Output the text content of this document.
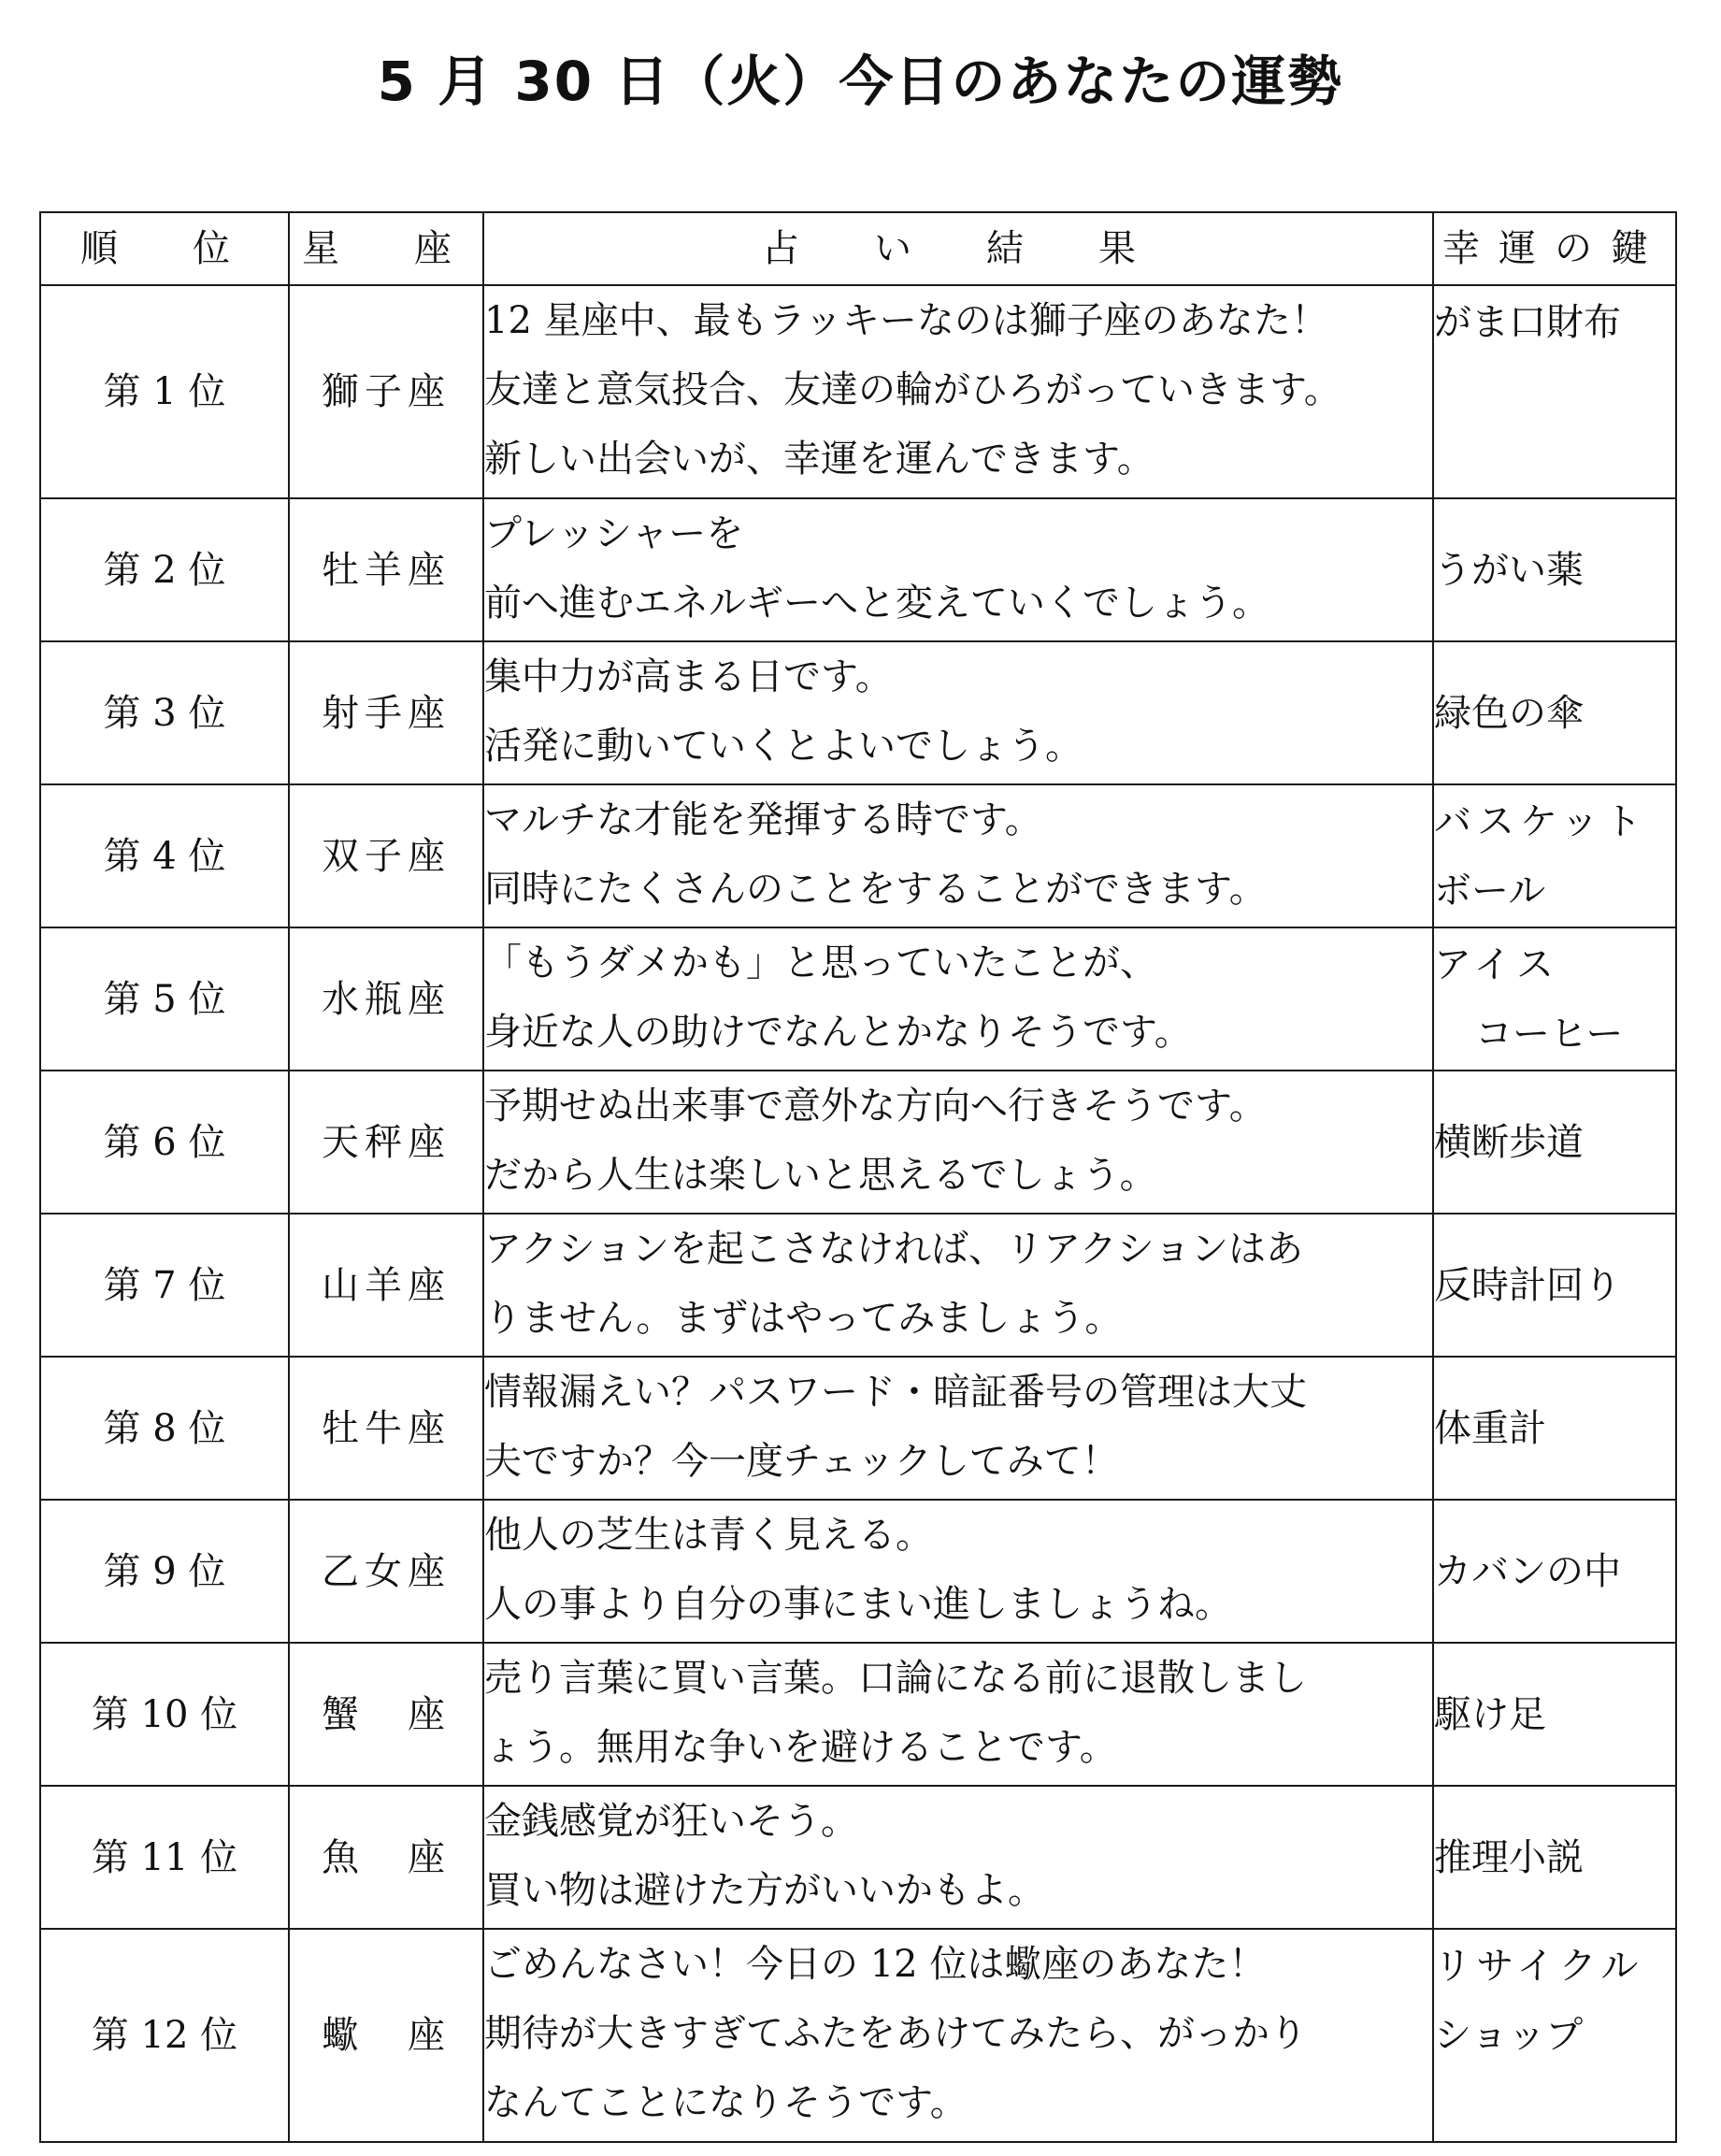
5 月 30 日（火）今日のあなたの運勢
順　位	星　座	占　い　結　果	幸運の鍵
第 1 位	獅子座	12 星座中、最もラッキーなのは獅子座のあなた！
友達と意気投合、友達の輪がひろがっていきます。
新しい出会いが、幸運を運んできます。	がま口財布

第 2 位	牡羊座	プレッシャーを
前へ進むエネルギーへと変えていくでしょう。	うがい薬

第 3 位	射手座	集中力が高まる日です。
活発に動いていくとよいでしょう。	緑色の傘

第 4 位	双子座	マルチな才能を発揮する時です。
同時にたくさんのことをすることができます。	バスケット
ボール

第 5 位	水瓶座	「もうダメかも」と思っていたことが、
身近な人の助けでなんとかなりそうです。	アイス
コーヒー

第 6 位	天秤座	予期せぬ出来事で意外な方向へ行きそうです。
だから人生は楽しいと思えるでしょう。	横断歩道

第 7 位	山羊座	アクションを起こさなければ、リアクションはあ
りません。まずはやってみましょう。	反時計回り

第 8 位	牡牛座	情報漏えい？パスワード・暗証番号の管理は大丈
夫ですか？今一度チェックしてみて！	体重計

第 9 位	乙女座	他人の芝生は青く見える。
人の事より自分の事にまい進しましょうね。	カバンの中

第 10 位	蟹　座	売り言葉に買い言葉。口論になる前に退散しまし
ょう。無用な争いを避けることです。	駆け足

第 11 位	魚　座	金銭感覚が狂いそう。
買い物は避けた方がいいかもよ。	推理小説

第 12 位	蠍　座	ごめんなさい！今日の 12 位は蠍座のあなた！
期待が大きすぎてふたをあけてみたら、がっかり
なんてことになりそうです。	リサイクル
ショップ
